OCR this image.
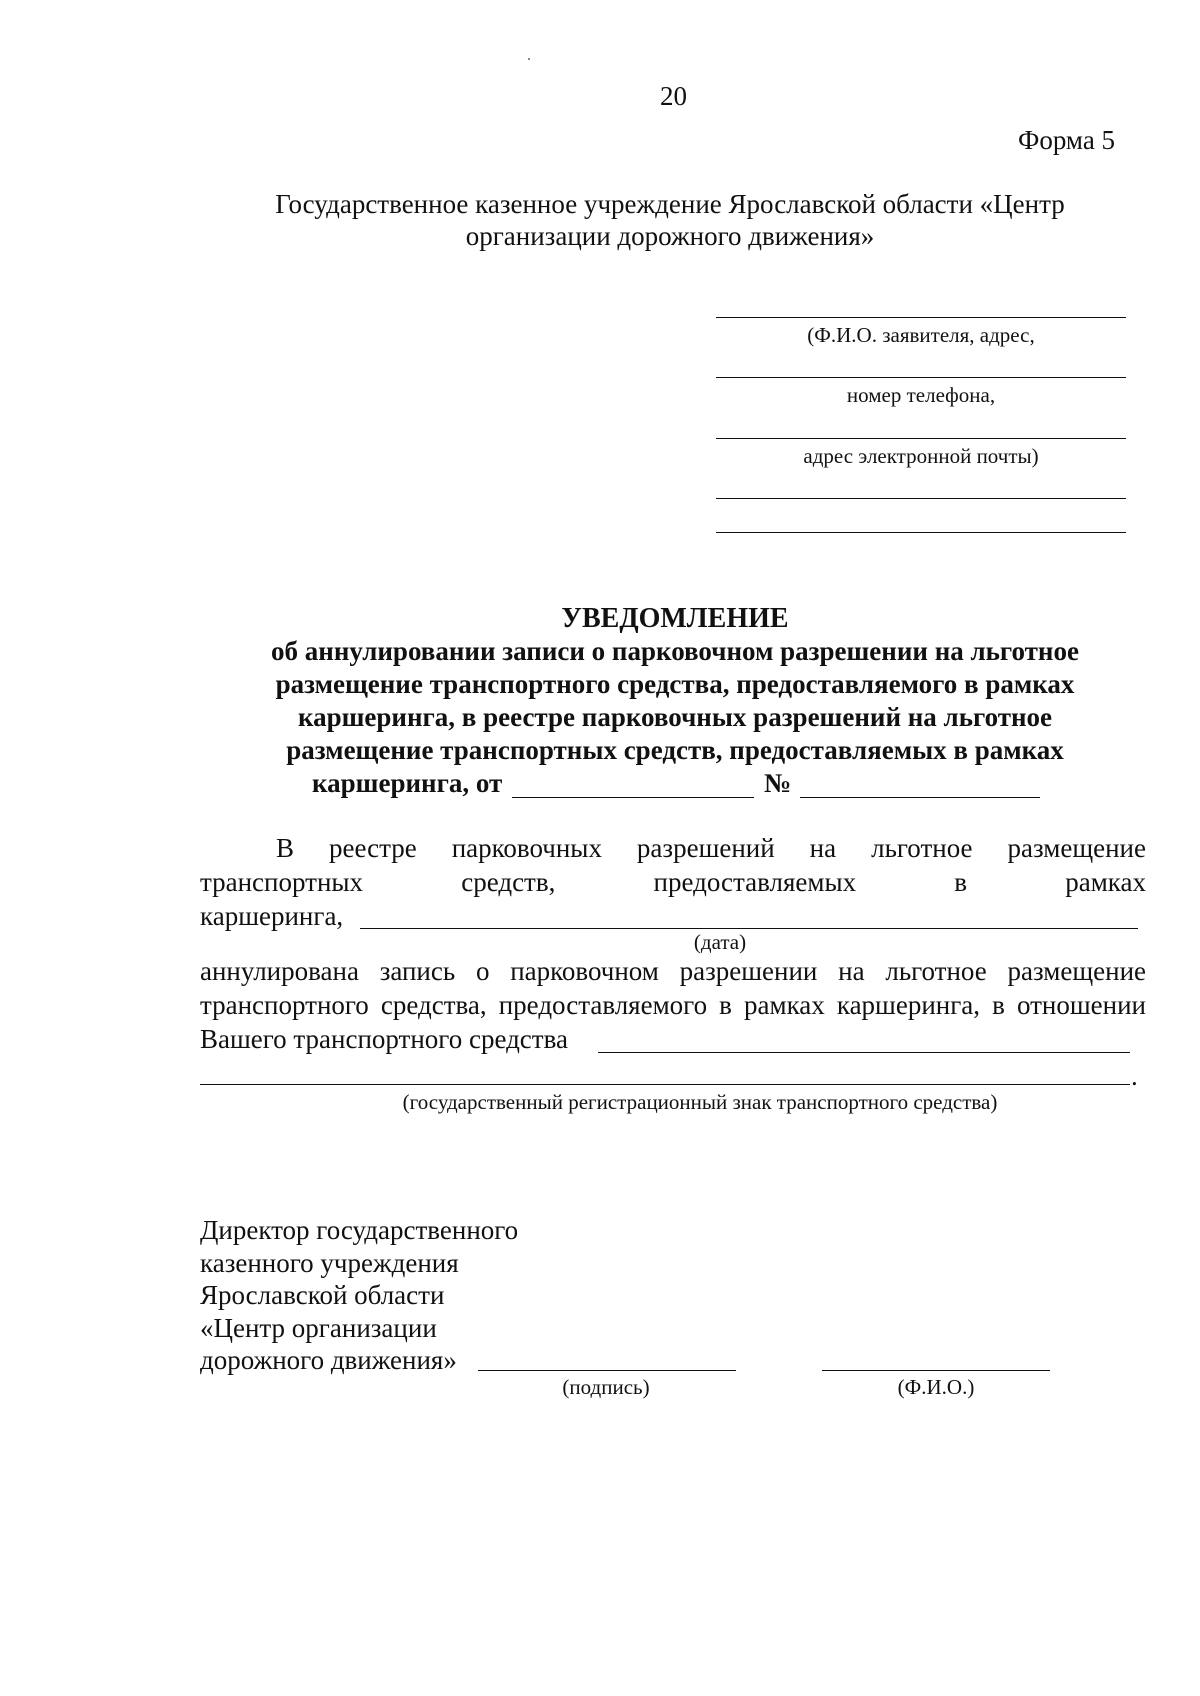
20
Форма 5
Государственное казенное учреждение Ярославской области «Центр
организации дорожного движения»
(Ф.И.О. заявителя, адрес,
номер телефона,
адрес электронной почты)
УВЕДОМЛЕНИЕ
об аннулировании записи о парковочном разрешении на льготное
размещение транспортного средства, предоставляемого в рамках
каршеринга, в реестре парковочных разрешений на льготное
размещение транспортных средств, предоставляемых в рамках
каршеринга, от	№
В реестре парковочных разрешений на льготное размещение
транспортных средств, предоставляемых в рамках
каршеринга,
(дата)
аннулирована запись о парковочном разрешении на льготное размещение
транспортного средства, предоставляемого в рамках каршеринга, в отношении
Вашего транспортного средства
.
(государственный регистрационный знак транспортного средства)
Директор государственного
казенного учреждения
Ярославской области
«Центр организации
дорожного движения»
(подпись)	(Ф.И.О.)
